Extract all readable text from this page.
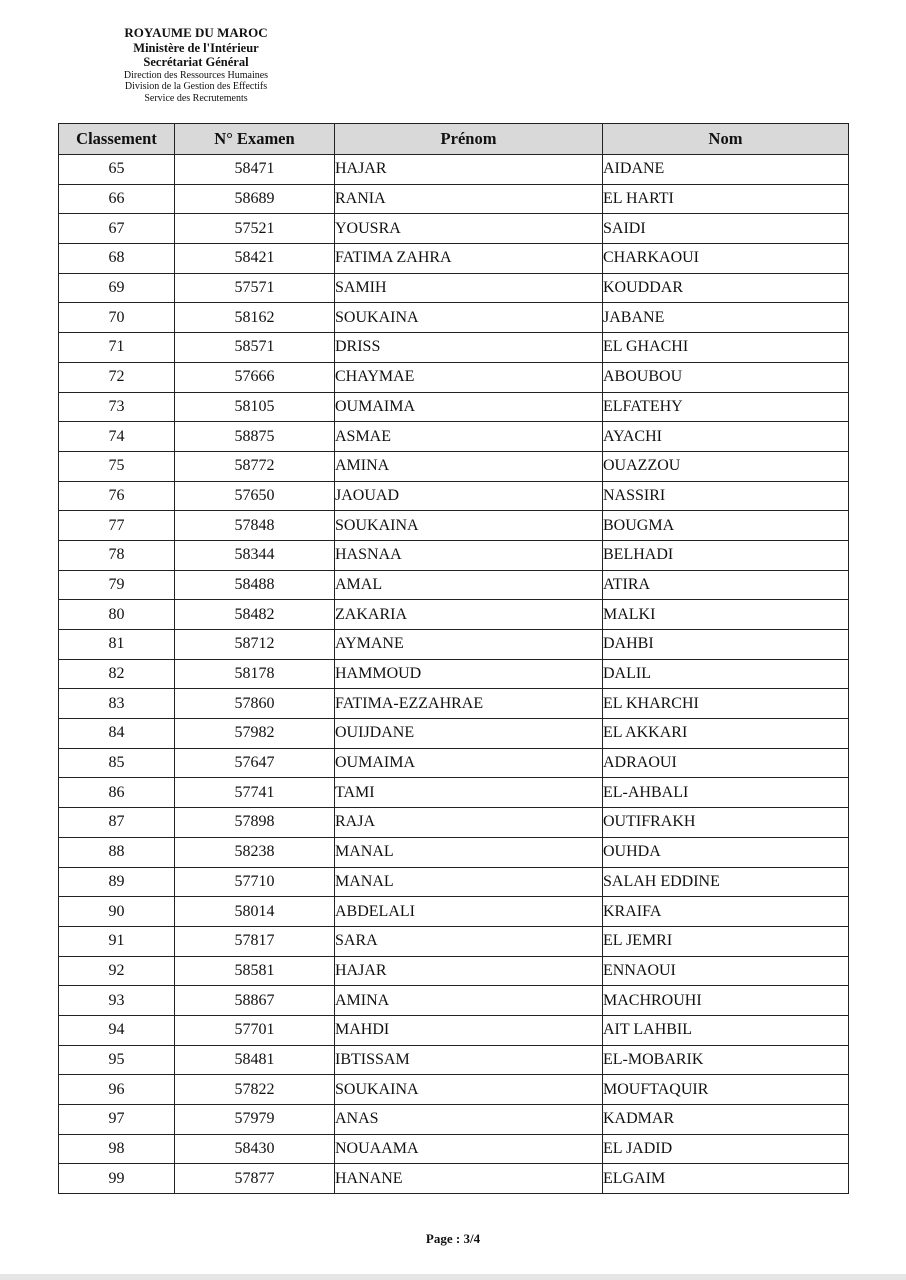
ROYAUME DU MAROC
Ministère de l'Intérieur
Secrétariat Général
Direction des Ressources Humaines
Division de la Gestion des Effectifs
Service des Recrutements
Classement	N° Examen	Prénom	Nom
65	58471	HAJAR	AIDANE
66	58689	RANIA	EL HARTI
67	57521	YOUSRA	SAIDI
68	58421	FATIMA ZAHRA	CHARKAOUI
69	57571	SAMIH	KOUDDAR
70	58162	SOUKAINA	JABANE
71	58571	DRISS	EL GHACHI
72	57666	CHAYMAE	ABOUBOU
73	58105	OUMAIMA	ELFATEHY
74	58875	ASMAE	AYACHI
75	58772	AMINA	OUAZZOU
76	57650	JAOUAD	NASSIRI
77	57848	SOUKAINA	BOUGMA
78	58344	HASNAA	BELHADI
79	58488	AMAL	ATIRA
80	58482	ZAKARIA	MALKI
81	58712	AYMANE	DAHBI
82	58178	HAMMOUD	DALIL
83	57860	FATIMA-EZZAHRAE	EL KHARCHI
84	57982	OUIJDANE	EL AKKARI
85	57647	OUMAIMA	ADRAOUI
86	57741	TAMI	EL-AHBALI
87	57898	RAJA	OUTIFRAKH
88	58238	MANAL	OUHDA
89	57710	MANAL	SALAH EDDINE
90	58014	ABDELALI	KRAIFA
91	57817	SARA	EL JEMRI
92	58581	HAJAR	ENNAOUI
93	58867	AMINA	MACHROUHI
94	57701	MAHDI	AIT LAHBIL
95	58481	IBTISSAM	EL-MOBARIK
96	57822	SOUKAINA	MOUFTAQUIR
97	57979	ANAS	KADMAR
98	58430	NOUAAMA	EL JADID
99	57877	HANANE	ELGAIM
Page : 3/4
